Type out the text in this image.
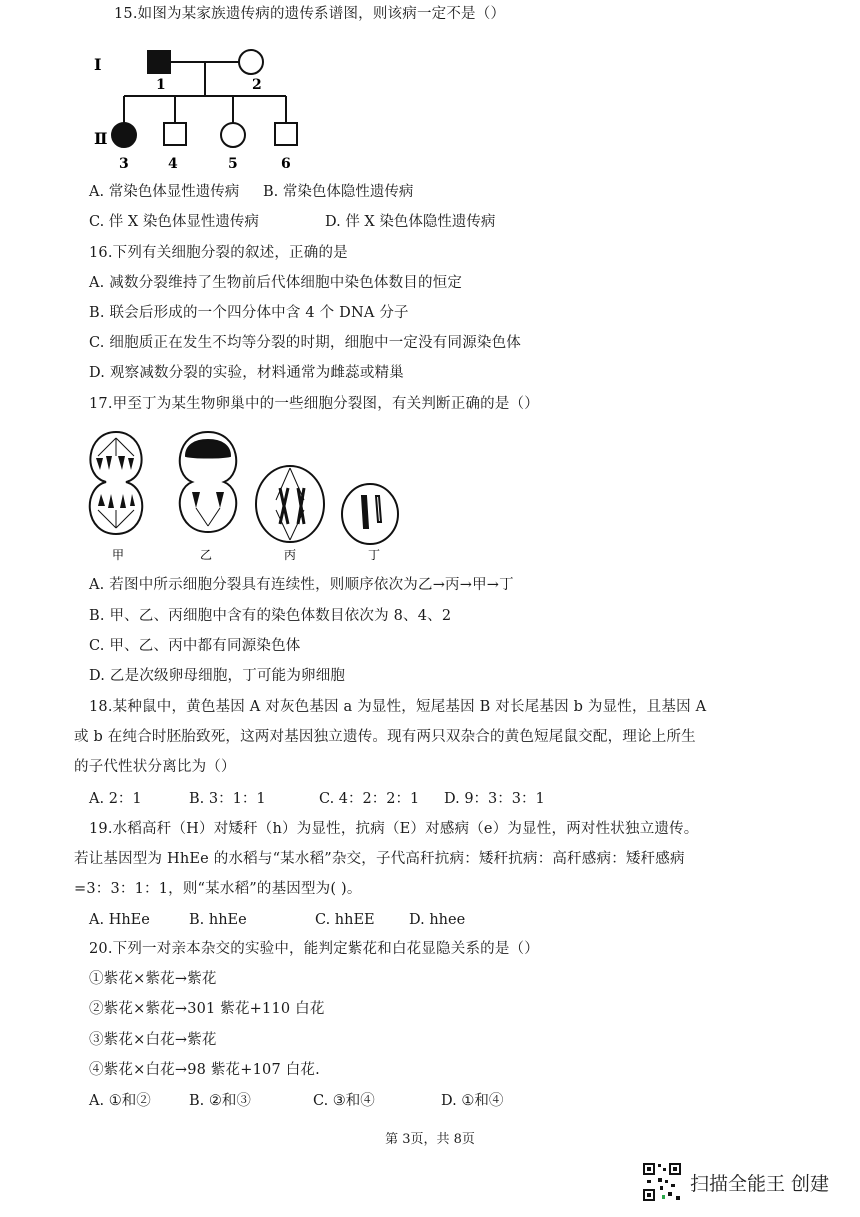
15.如图为某家族遗传病的遗传系谱图，则该病一定不是（）
I
Ⅱ
1	2
3	4	5	6
A. 常染色体显性遗传病 B. 常染色体隐性遗传病
C. 伴 X 染色体显性遗传病	D. 伴 X 染色体隐性遗传病
16.下列有关细胞分裂的叙述，正确的是
A. 减数分裂维持了生物前后代体细胞中染色体数目的恒定
B. 联会后形成的一个四分体中含 4 个 DNA 分子
C. 细胞质正在发生不均等分裂的时期，细胞中一定没有同源染色体
D. 观察减数分裂的实验，材料通常为雌蕊或精巢
17.甲至丁为某生物卵巢中的一些细胞分裂图，有关判断正确的是（）
甲	乙	丙	丁
A. 若图中所示细胞分裂具有连续性，则顺序依次为乙→丙→甲→丁
B. 甲、乙、丙细胞中含有的染色体数目依次为 8、4、2
C. 甲、乙、丙中都有同源染色体
D. 乙是次级卵母细胞，丁可能为卵细胞
18.某种鼠中，黄色基因 A 对灰色基因 a 为显性，短尾基因 B 对长尾基因 b 为显性，且基因 A
或 b 在纯合时胚胎致死，这两对基因独立遗传。现有两只双杂合的黄色短尾鼠交配，理论上所生
的子代性状分离比为（）
A. 2：1	B. 3：1：1	C. 4：2：2：1 D. 9：3：3：1
19.水稻高秆（H）对矮秆（h）为显性，抗病（E）对感病（e）为显性，两对性状独立遗传。
若让基因型为 HhEe 的水稻与“某水稻”杂交，子代高秆抗病：矮秆抗病：高秆感病：矮秆感病
=3：3：1：1，则“某水稻”的基因型为( )。
A. HhEe	B. hhEe	C. hhEE D. hhee
20.下列一对亲本杂交的实验中，能判定紫花和白花显隐关系的是（）
①紫花×紫花→紫花
②紫花×紫花→301 紫花+110 白花
③紫花×白花→紫花
④紫花×白花→98 紫花+107 白花.
A. ①和②	B. ②和③	C. ③和④	D. ①和④
第 3页，共 8页
扫描全能王 创建
